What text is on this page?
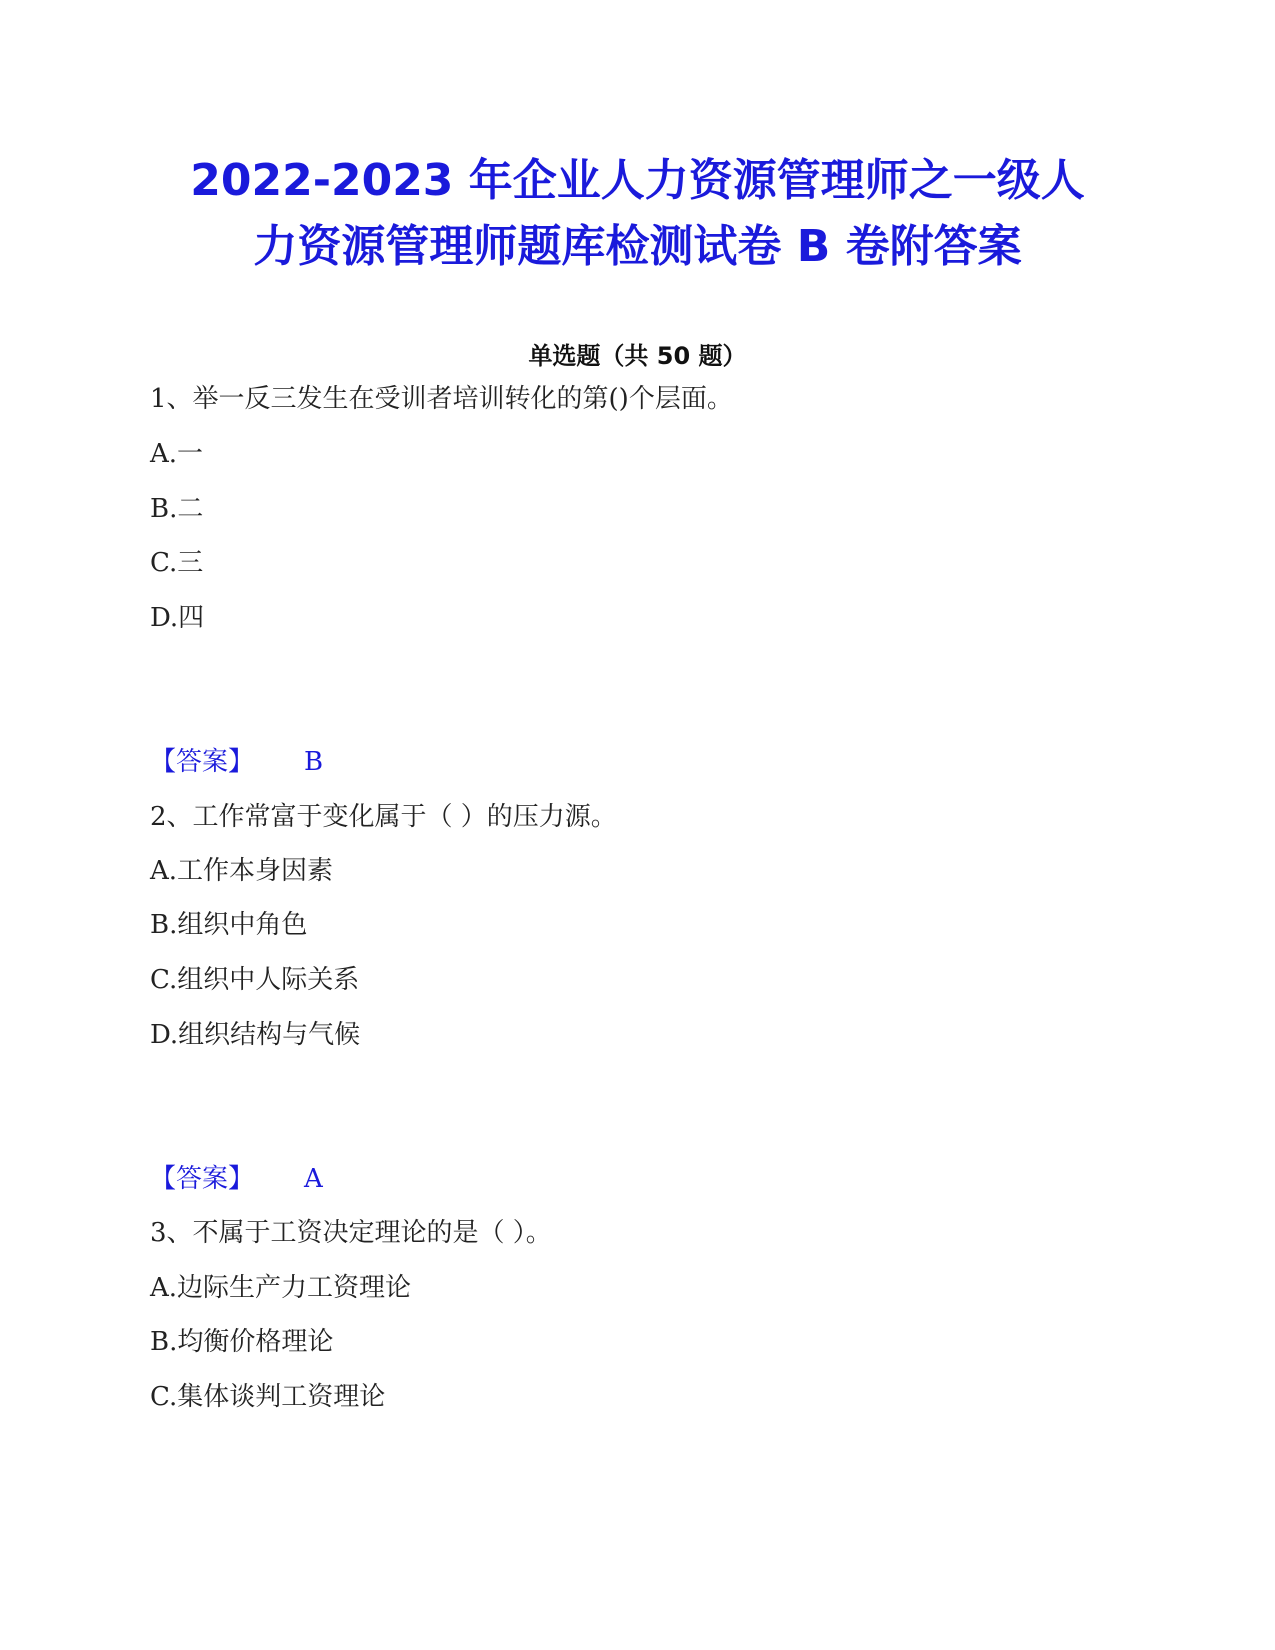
2022-2023 年企业人力资源管理师之一级人
力资源管理师题库检测试卷 B 卷附答案
单选题（共 50 题）
1、举一反三发生在受训者培训转化的第()个层面。
A.一
B.二
C.三
D.四
【答案】 B
2、工作常富于变化属于（ ）的压力源。
A.工作本身因素
B.组织中角色
C.组织中人际关系
D.组织结构与气候
【答案】 A
3、不属于工资决定理论的是（ ）。
A.边际生产力工资理论
B.均衡价格理论
C.集体谈判工资理论
